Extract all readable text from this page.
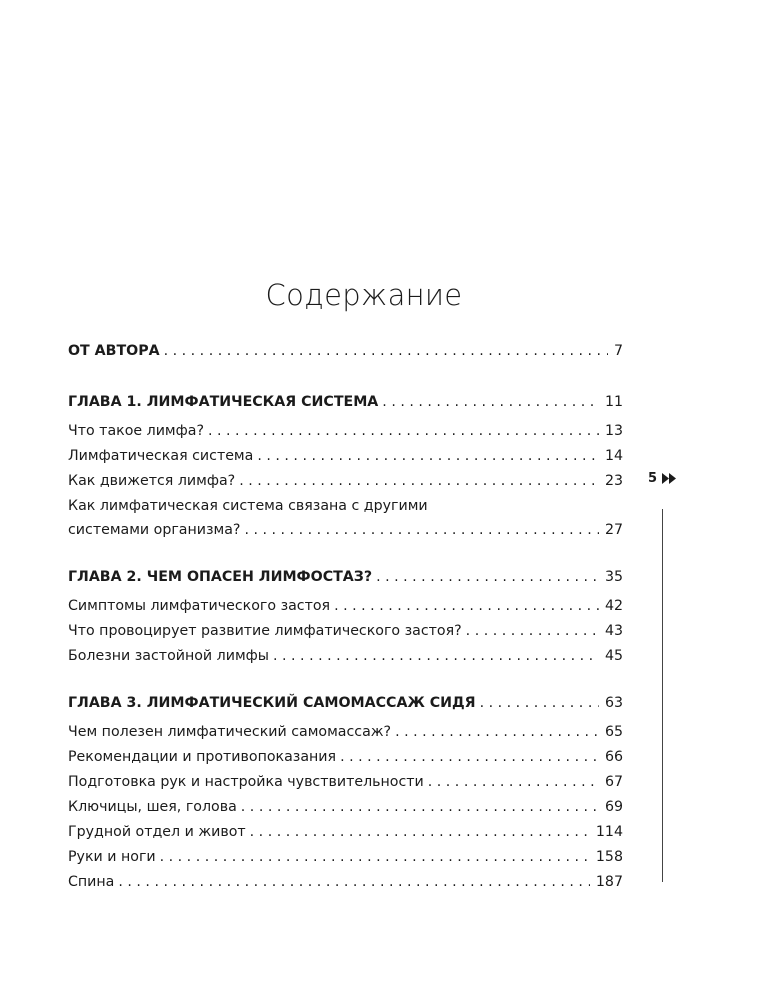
Содержание
ОТ АВТОРА . . .	7
ГЛАВА 1. ЛИМФАТИЧЕСКАЯ СИСТЕМА . . .	11
Что такое лимфа? . . .	13
Лимфатическая система . . .	14
Как движется лимфа? . . .	23
Как лимфатическая система связана с другими
системами организма? . . .	27
ГЛАВА 2. ЧЕМ ОПАСЕН ЛИМФОСТАЗ? . . .	35
Симптомы лимфатического застоя . . .	42
Что провоцирует развитие лимфатического застоя? . . .	43
Болезни застойной лимфы . . .	45
ГЛАВА 3. ЛИМФАТИЧЕСКИЙ САМОМАССАЖ СИДЯ . . .	63
Чем полезен лимфатический самомассаж? . . .	65
Рекомендации и противопоказания . . .	66
Подготовка рук и настройка чувствительности . . .	67
Ключицы, шея, голова . . .	69
Грудной отдел и живот . . .	114
Руки и ноги . . .	158
Спина . . .	187
5
